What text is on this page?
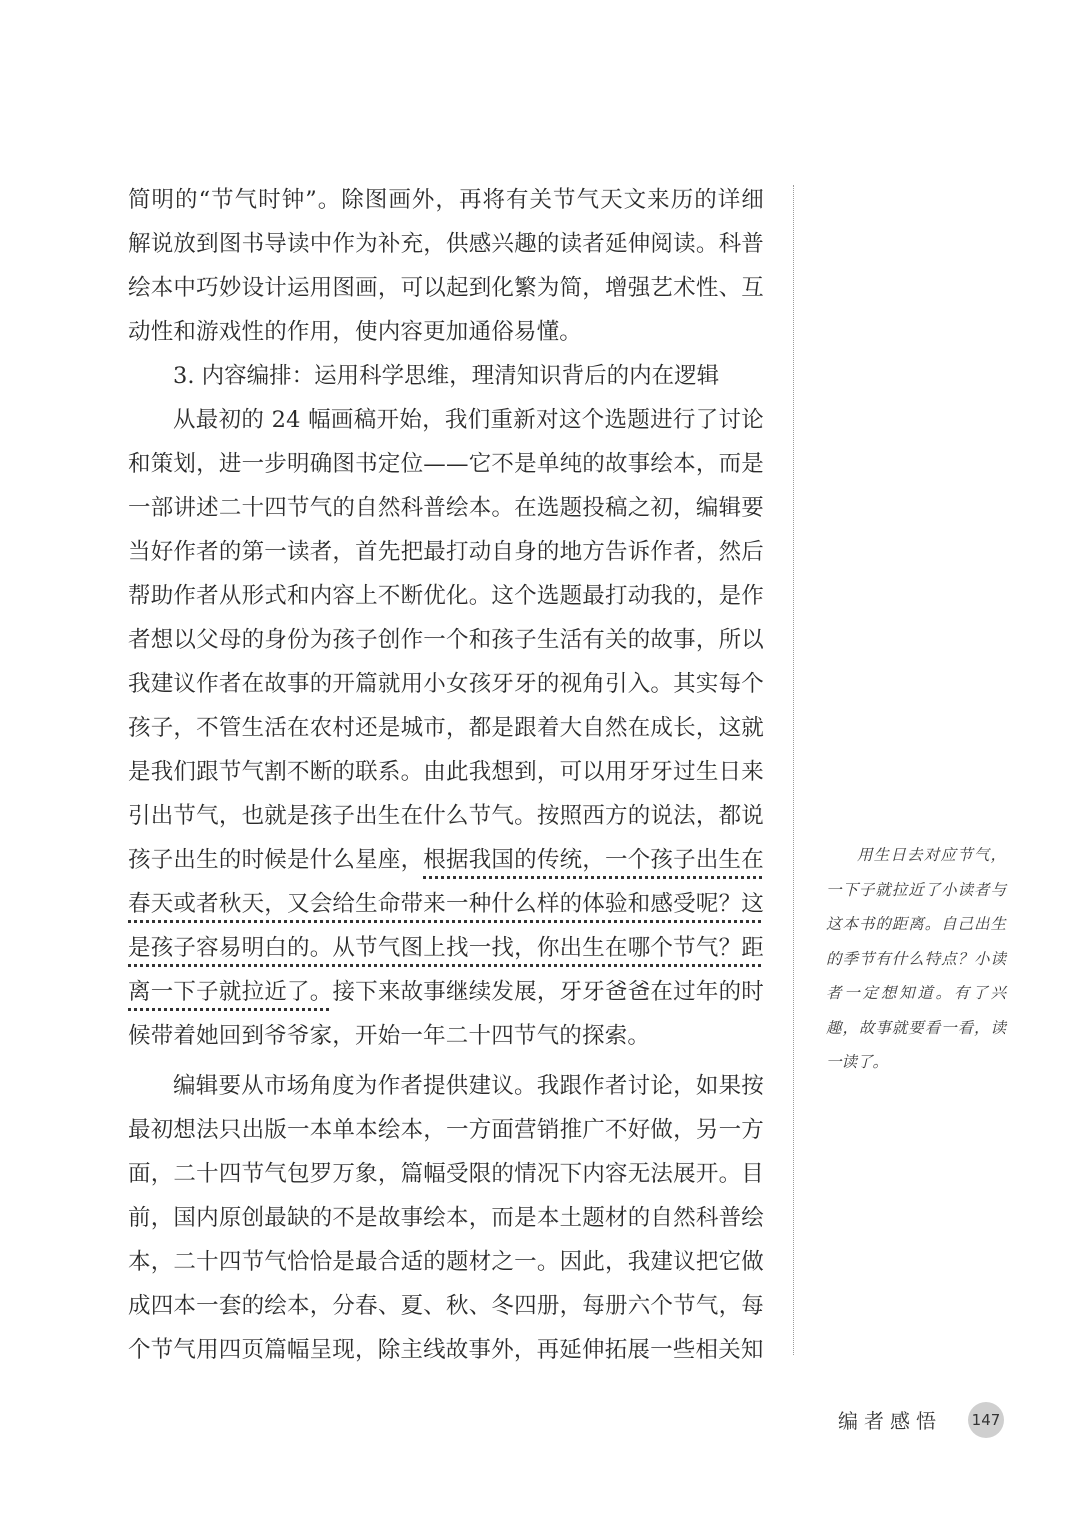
简明的“节气时钟”。除图画外，再将有关节气天文来历的详细解说放到图书导读中作为补充，供感兴趣的读者延伸阅读。科普绘本中巧妙设计运用图画，可以起到化繁为简，增强艺术性、互动性和游戏性的作用，使内容更加通俗易懂。

3. 内容编排：运用科学思维，理清知识背后的内在逻辑

从最初的 24 幅画稿开始，我们重新对这个选题进行了讨论和策划，进一步明确图书定位——它不是单纯的故事绘本，而是一部讲述二十四节气的自然科普绘本。在选题投稿之初，编辑要当好作者的第一读者，首先把最打动自身的地方告诉作者，然后帮助作者从形式和内容上不断优化。这个选题最打动我的，是作者想以父母的身份为孩子创作一个和孩子生活有关的故事，所以我建议作者在故事的开篇就用小女孩牙牙的视角引入。其实每个孩子，不管生活在农村还是城市，都是跟着大自然在成长，这就是我们跟节气割不断的联系。由此我想到，可以用牙牙过生日来引出节气，也就是孩子出生在什么节气。按照西方的说法，都说孩子出生的时候是什么星座，根据我国的传统，一个孩子出生在春天或者秋天，又会给生命带来一种什么样的体验和感受呢？这是孩子容易明白的。从节气图上找一找，你出生在哪个节气？距离一下子就拉近了。接下来故事继续发展，牙牙爸爸在过年的时候带着她回到爷爷家，开始一年二十四节气的探索。

编辑要从市场角度为作者提供建议。我跟作者讨论，如果按最初想法只出版一本单本绘本，一方面营销推广不好做，另一方面，二十四节气包罗万象，篇幅受限的情况下内容无法展开。目前，国内原创最缺的不是故事绘本，而是本土题材的自然科普绘本，二十四节气恰恰是最合适的题材之一。因此，我建议把它做成四本一套的绘本，分春、夏、秋、冬四册，每册六个节气，每个节气用四页篇幅呈现，除主线故事外，再延伸拓展一些相关知

用生日去对应节气，一下子就拉近了小读者与这本书的距离。自己出生的季节有什么特点？小读者一定想知道。有了兴趣，故事就要看一看，读一读了。

编者感悟 147
